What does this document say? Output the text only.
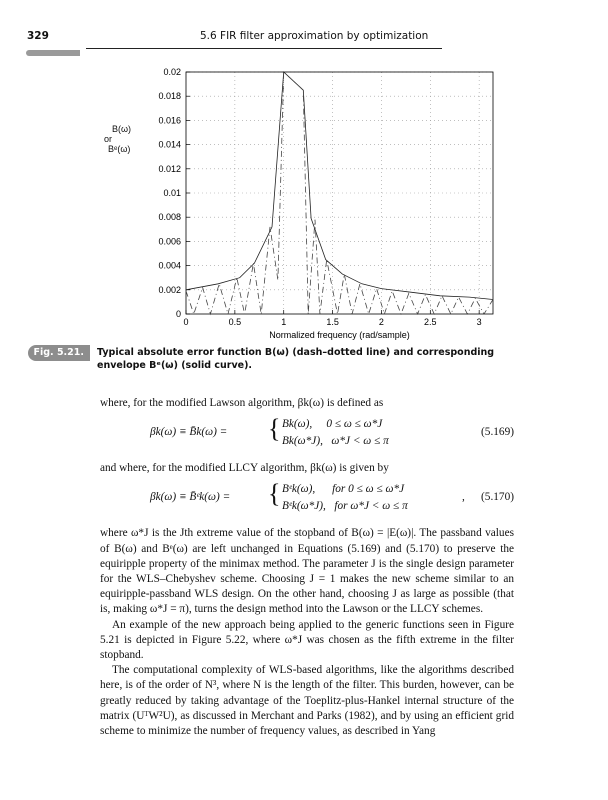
329	5.6 FIR filter approximation by optimization
B(ω)
or
Bᵉ(ω)
0	0.5	1	1.5	2	2.5	3
0
0.002
0.004
0.006
0.008
0.01
0.012
0.014
0.016
0.018
0.02
Normalized frequency (rad/sample)
Fig. 5.21.	Typical absolute error function B(ω) (dash–dotted line) and corresponding envelope Bᵉ(ω) (solid curve).

where, for the modified Lawson algorithm, βk(ω) is defined as

βk(ω) ≡ B̄k(ω) = { Bk(ω),     0 ≤ ω ≤ ω*J
Bk(ω*J),   ω*J < ω ≤ π
(5.169)

and where, for the modified LLCY algorithm, βk(ω) is given by

βk(ω) ≡ B̄ᵉk(ω) = { Bᵉk(ω),      for 0 ≤ ω ≤ ω*J
Bᵉk(ω*J),   for ω*J < ω ≤ π
, (5.170)

where ω*J is the Jth extreme value of the stopband of B(ω) = |E(ω)|. The passband values of B(ω) and Bᵉ(ω) are left unchanged in Equations (5.169) and (5.170) to preserve the equiripple property of the minimax method. The parameter J is the single design parameter for the WLS–Chebyshev scheme. Choosing J = 1 makes the new scheme similar to an equiripple-passband WLS design. On the other hand, choosing J as large as possible (that is, making ω*J = π), turns the design method into the Lawson or the LLCY schemes.

An example of the new approach being applied to the generic functions seen in Figure 5.21 is depicted in Figure 5.22, where ω*J was chosen as the fifth extreme in the filter stopband.

The computational complexity of WLS-based algorithms, like the algorithms described here, is of the order of N³, where N is the length of the filter. This burden, however, can be greatly reduced by taking advantage of the Toeplitz-plus-Hankel internal structure of the matrix (UᵀW²U), as discussed in Merchant and Parks (1982), and by using an efficient grid scheme to minimize the number of frequency values, as described in Yang
